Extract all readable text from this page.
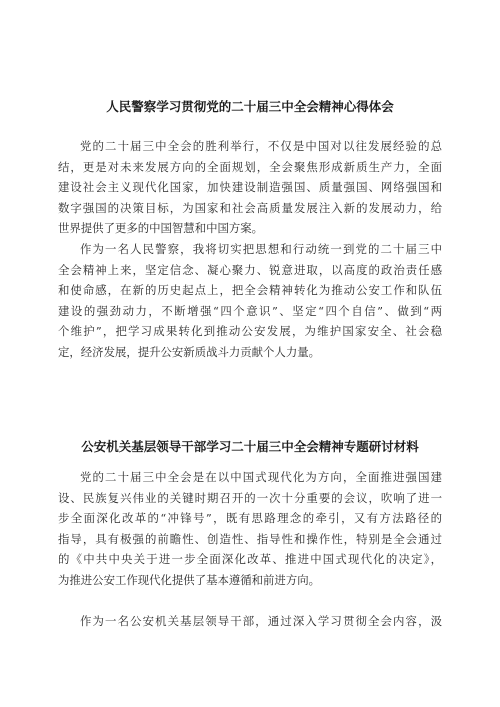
人民警察学习贯彻党的二十届三中全会精神心得体会

党的二十届三中全会的胜利举行，不仅是中国对以往发展经验的总
结，更是对未来发展方向的全面规划，全会聚焦形成新质生产力，全面
建设社会主义现代化国家，加快建设制造强国、质量强国、网络强国和
数字强国的决策目标，为国家和社会高质量发展注入新的发展动力，给
世界提供了更多的中国智慧和中国方案。

作为一名人民警察，我将切实把思想和行动统一到党的二十届三中
全会精神上来，坚定信念、凝心聚力、锐意进取，以高度的政治责任感
和使命感，在新的历史起点上，把全会精神转化为推动公安工作和队伍
建设的强劲动力，不断增强“四个意识”、坚定“四个自信”、做到“两
个维护”，把学习成果转化到推动公安发展，为维护国家安全、社会稳
定，经济发展，提升公安新质战斗力贡献个人力量。

公安机关基层领导干部学习二十届三中全会精神专题研讨材料

党的二十届三中全会是在以中国式现代化为方向，全面推进强国建
设、民族复兴伟业的关键时期召开的一次十分重要的会议，吹响了进一
步全面深化改革的“冲锋号”，既有思路理念的牵引，又有方法路径的
指导，具有极强的前瞻性、创造性、指导性和操作性，特别是全会通过
的《中共中央关于进一步全面深化改革、推进中国式现代化的决定》，
为推进公安工作现代化提供了基本遵循和前进方向。

作为一名公安机关基层领导干部，通过深入学习贯彻全会内容，汲
